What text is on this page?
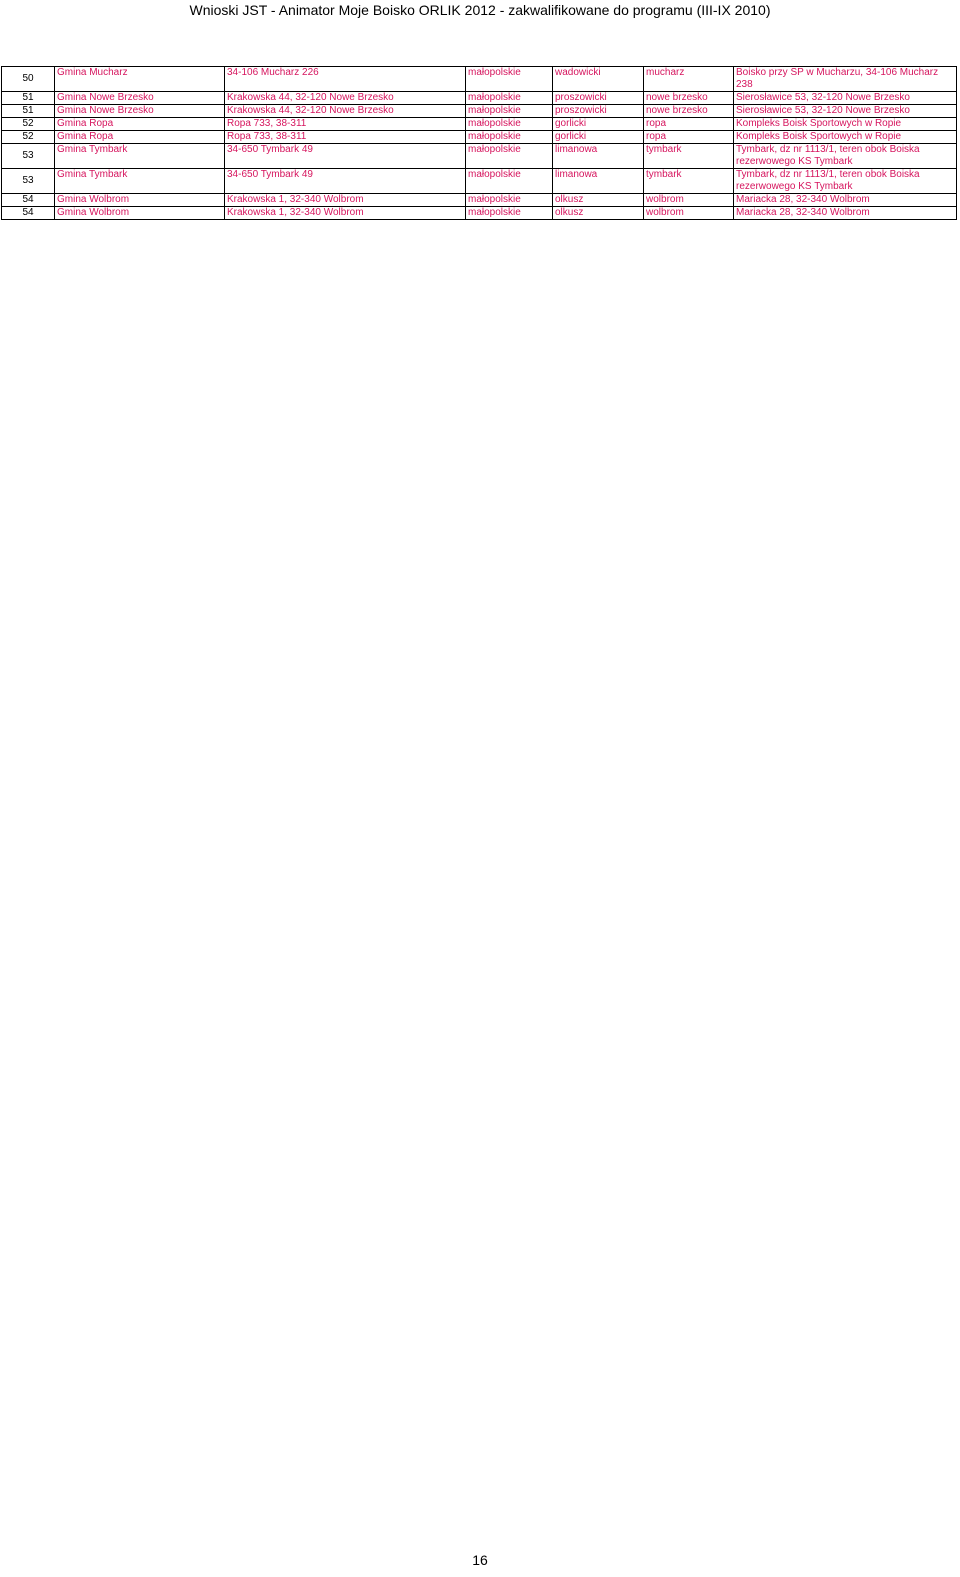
Wnioski JST - Animator Moje Boisko ORLIK 2012 - zakwalifikowane do programu (III-IX 2010)
50	Gmina Mucharz	34-106 Mucharz 226	małopolskie	wadowicki	mucharz	Boisko przy SP w Mucharzu, 34-106 Mucharz 238
51	Gmina Nowe Brzesko	Krakowska 44, 32-120 Nowe Brzesko	małopolskie	proszowicki	nowe brzesko	Sierosławice 53, 32-120 Nowe Brzesko
51	Gmina Nowe Brzesko	Krakowska 44, 32-120 Nowe Brzesko	małopolskie	proszowicki	nowe brzesko	Sierosławice 53, 32-120 Nowe Brzesko
52	Gmina Ropa	Ropa 733, 38-311	małopolskie	gorlicki	ropa	Kompleks Boisk Sportowych w Ropie
52	Gmina Ropa	Ropa 733, 38-311	małopolskie	gorlicki	ropa	Kompleks Boisk Sportowych w Ropie
53	Gmina Tymbark	34-650 Tymbark 49	małopolskie	limanowa	tymbark	Tymbark, dz nr 1113/1, teren obok Boiska rezerwowego KS Tymbark
53	Gmina Tymbark	34-650 Tymbark 49	małopolskie	limanowa	tymbark	Tymbark, dz nr 1113/1, teren obok Boiska rezerwowego KS Tymbark
54	Gmina Wolbrom	Krakowska 1, 32-340 Wolbrom	małopolskie	olkusz	wolbrom	Mariacka 28, 32-340 Wolbrom
54	Gmina Wolbrom	Krakowska 1, 32-340 Wolbrom	małopolskie	olkusz	wolbrom	Mariacka 28, 32-340 Wolbrom
16
